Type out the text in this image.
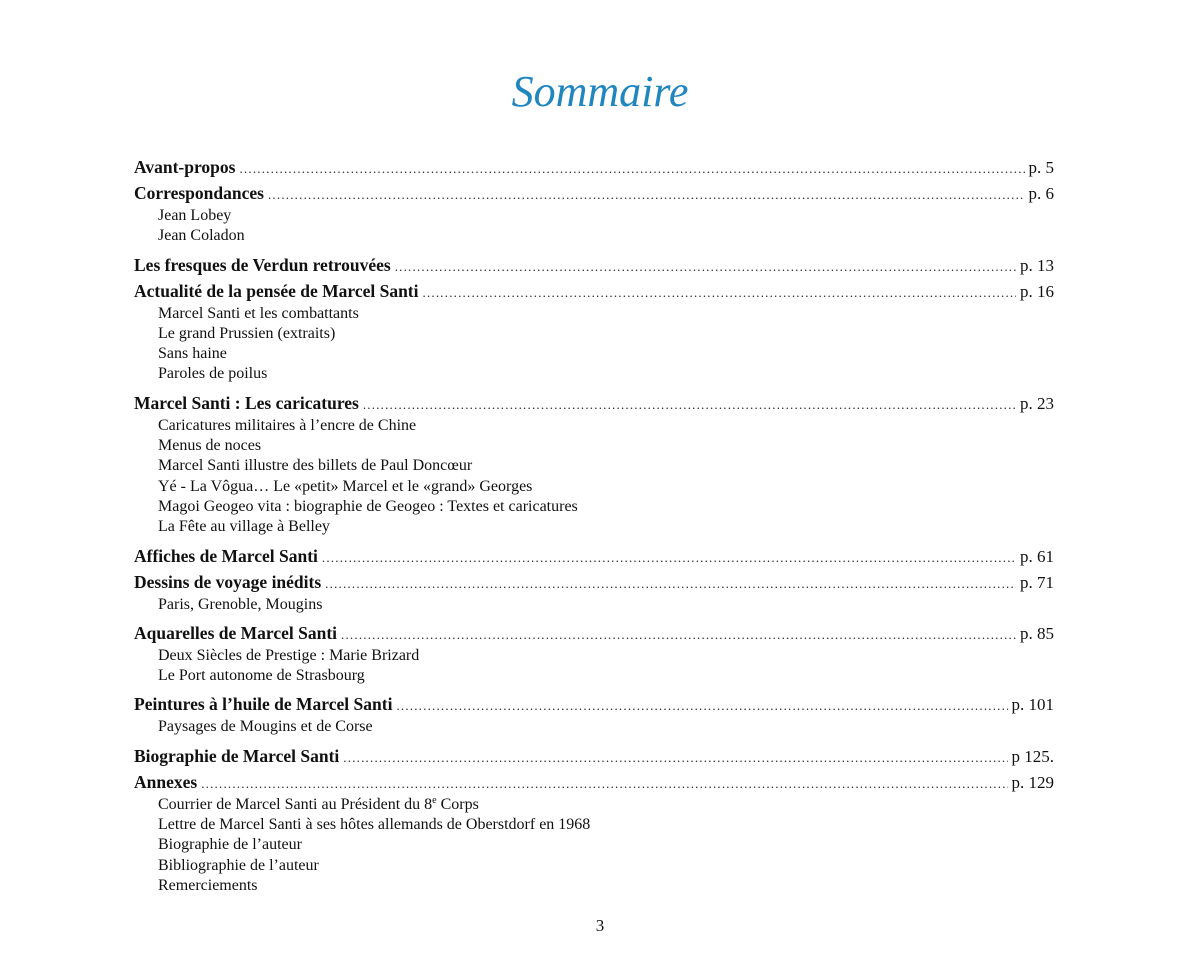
Sommaire
Avant-propos .....	p. 5
Correspondances .....	p. 6
Jean Lobey
Jean Coladon
Les fresques de Verdun retrouvées .....	p. 13
Actualité de la pensée de Marcel Santi .....	p. 16
Marcel Santi et les combattants
Le grand Prussien (extraits)
Sans haine
Paroles de poilus
Marcel Santi : Les caricatures .....	p. 23
Caricatures militaires à l’encre de Chine
Menus de noces
Marcel Santi illustre des billets de Paul Doncœur
Yé - La Vôgua… Le «petit» Marcel et le «grand» Georges
Magoi Geogeo vita : biographie de Geogeo : Textes et caricatures
La Fête au village à Belley
Affiches de Marcel Santi .....	p. 61
Dessins de voyage inédits .....	p. 71
Paris, Grenoble, Mougins
Aquarelles de Marcel Santi .....	p. 85
Deux Siècles de Prestige : Marie Brizard
Le Port autonome de Strasbourg
Peintures à l’huile de Marcel Santi .....	p. 101
Paysages de Mougins et de Corse
Biographie de Marcel Santi .....	p 125.
Annexes .....	p. 129
Courrier de Marcel Santi au Président du 8e Corps
Lettre de Marcel Santi à ses hôtes allemands de Oberstdorf en 1968
Biographie de l’auteur
Bibliographie de l’auteur
Remerciements
3
